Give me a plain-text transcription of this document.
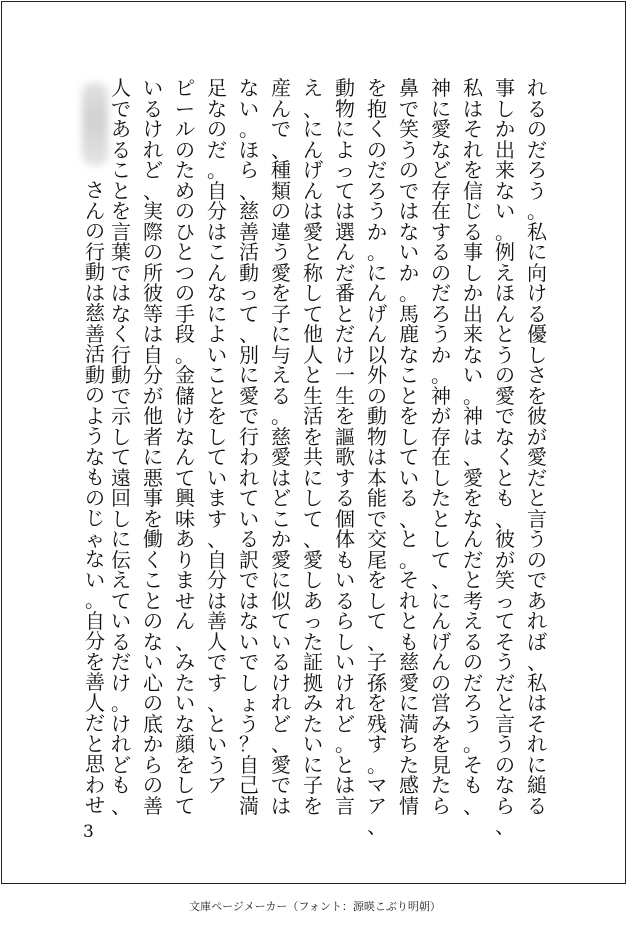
れ
る
の
だ
ろ
う
。
私
に
向
け
る
優
し
さ
を
彼
が
愛
だ
と
言
う
の
で
あ
れ
ば
、
私
は
そ
れ
に
縋
る
事
し
か
出
来
な
い
。
例
え
ほ
ん
と
う
の
愛
で
な
く
と
も
、
彼
が
笑
っ
て
そ
う
だ
と
言
う
の
な
ら
、
私
は
そ
れ
を
信
じ
る
事
し
か
出
来
な
い
。
神
は
、
愛
を
な
ん
だ
と
考
え
る
の
だ
ろ
う
。
そ
も
、
神
に
愛
な
ど
存
在
す
る
の
だ
ろ
う
か
。
神
が
存
在
し
た
と
し
て
、
に
ん
げ
ん
の
営
み
を
見
た
ら
鼻
で
笑
う
の
で
は
な
い
か
。
馬
鹿
な
こ
と
を
し
て
い
る
、
と
。
そ
れ
と
も
慈
愛
に
満
ち
た
感
情
を
抱
く
の
だ
ろ
う
か
。
に
ん
げ
ん
以
外
の
動
物
は
本
能
で
交
尾
を
し
て
、
子
孫
を
残
す
。
マ
ア
、
動
物
に
よ
っ
て
は
選
ん
だ
番
と
だ
け
一
生
を
謳
歌
す
る
個
体
も
い
る
ら
し
い
け
れ
ど
。
と
は
言
え
、
に
ん
げ
ん
は
愛
と
称
し
て
他
人
と
生
活
を
共
に
し
て
、
愛
し
あ
っ
た
証
拠
み
た
い
に
子
を
産
ん
で
、
種
類
の
違
う
愛
を
子
に
与
え
る
。
慈
愛
は
ど
こ
か
愛
に
似
て
い
る
け
れ
ど
、
愛
で
は
な
い
。
ほ
ら
、
慈
善
活
動
っ
て
、
別
に
愛
で
行
わ
れ
て
い
る
訳
で
は
な
い
で
し
ょ
う
？
自
己
満
足
な
の
だ
。
自
分
は
こ
ん
な
に
よ
い
こ
と
を
し
て
い
ま
す
、
自
分
は
善
人
で
す
、
と
い
う
ア
ピ
ー
ル
の
た
め
の
ひ
と
つ
の
手
段
。
金
儲
け
な
ん
て
興
味
あ
り
ま
せ
ん
、
み
た
い
な
顔
を
し
て
い
る
け
れ
ど
、
実
際
の
所
彼
等
は
自
分
が
他
者
に
悪
事
を
働
く
こ
と
の
な
い
心
の
底
か
ら
の
善
人
で
あ
る
こ
と
を
言
葉
で
は
な
く
行
動
で
示
し
て
遠
回
し
に
伝
え
て
い
る
だ
け
。
け
れ
ど
も
、
さ
ん
の
行
動
は
慈
善
活
動
の
よ
う
な
も
の
じ
ゃ
な
い
。
自
分
を
善
人
だ
と
思
わ
せ
3
文庫ページメーカー（フォント：源暎こぶり明朝）
